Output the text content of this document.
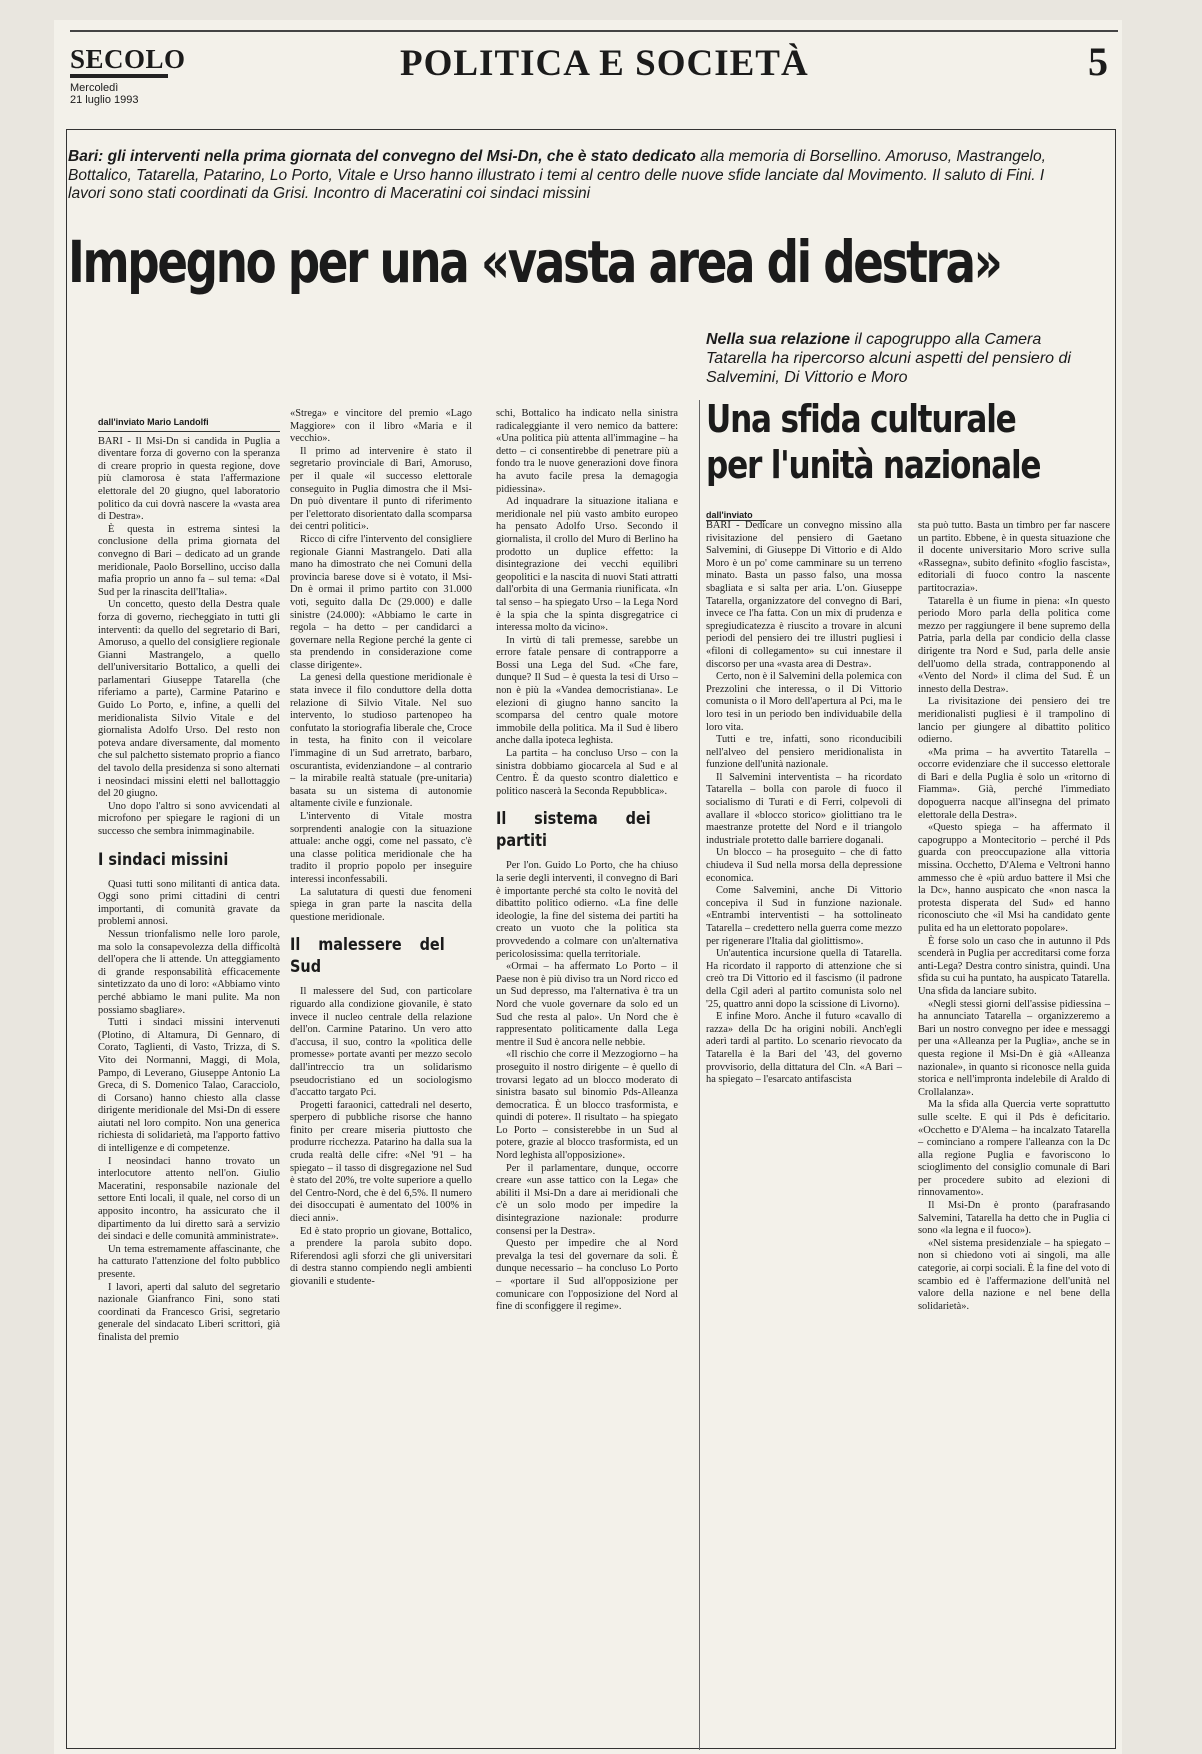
SECOLO
Mercoledì
21 luglio 1993
POLITICA E SOCIETÀ	5
Bari: gli interventi nella prima giornata del convegno del Msi-Dn, che è stato dedicato alla memoria di Borsellino. Amoruso, Mastrangelo, Bottalico, Tatarella, Patarino, Lo Porto, Vitale e Urso hanno illustrato i temi al centro delle nuove sfide lanciate dal Movimento. Il saluto di Fini. I lavori sono stati coordinati da Grisi. Incontro di Maceratini coi sindaci missini
Impegno per una «vasta area di destra»
Nella sua relazione il capogruppo alla Camera Tatarella ha ripercorso alcuni aspetti del pensiero di Salvemini, Di Vittorio e Moro
dall'inviato Mario Landolfi

BARI - Il Msi-Dn si candida in Puglia a diventare forza di governo con la speranza di creare proprio in questa regione, dove più clamorosa è stata l'affermazione elettorale del 20 giugno, quel laboratorio politico da cui dovrà nascere la «vasta area di Destra».

È questa in estrema sintesi la conclusione della prima giornata del convegno di Bari – dedicato ad un grande meridionale, Paolo Borsellino, ucciso dalla mafia proprio un anno fa – sul tema: «Dal Sud per la rinascita dell'Italia».

Un concetto, questo della Destra quale forza di governo, riecheggiato in tutti gli interventi: da quello del segretario di Bari, Amoruso, a quello del consigliere regionale Gianni Mastrangelo, a quello dell'universitario Bottalico, a quelli dei parlamentari Giuseppe Tatarella (che riferiamo a parte), Carmine Patarino e Guido Lo Porto, e, infine, a quelli del meridionalista Silvio Vitale e del giornalista Adolfo Urso. Del resto non poteva andare diversamente, dal momento che sul palchetto sistemato proprio a fianco del tavolo della presidenza si sono alternati i neosindaci missini eletti nel ballottaggio del 20 giugno.

Uno dopo l'altro si sono avvicendati al microfono per spiegare le ragioni di un successo che sembra inimmaginabile.

I sindaci missini

Quasi tutti sono militanti di antica data. Oggi sono primi cittadini di centri importanti, di comunità gravate da problemi annosi.

Nessun trionfalismo nelle loro parole, ma solo la consapevolezza della difficoltà dell'opera che li attende. Un atteggiamento di grande responsabilità efficacemente sintetizzato da uno di loro: «Abbiamo vinto perché abbiamo le mani pulite. Ma non possiamo sbagliare».

Tutti i sindaci missini intervenuti (Plotino, di Altamura, Di Gennaro, di Corato, Taglienti, di Vasto, Trizza, di S. Vito dei Normanni, Maggi, di Mola, Pampo, di Leverano, Giuseppe Antonio La Greca, di S. Domenico Talao, Caracciolo, di Corsano) hanno chiesto alla classe dirigente meridionale del Msi-Dn di essere aiutati nel loro compito. Non una generica richiesta di solidarietà, ma l'apporto fattivo di intelligenze e di competenze.

I neosindaci hanno trovato un interlocutore attento nell'on. Giulio Maceratini, responsabile nazionale del settore Enti locali, il quale, nel corso di un apposito incontro, ha assicurato che il dipartimento da lui diretto sarà a servizio dei sindaci e delle comunità amministrate».

Un tema estremamente affascinante, che ha catturato l'attenzione del folto pubblico presente.

I lavori, aperti dal saluto del segretario nazionale Gianfranco Fini, sono stati coordinati da Francesco Grisi, segretario generale del sindacato Liberi scrittori, già finalista del premio

«Strega» e vincitore del premio «Lago Maggiore» con il libro «Maria e il vecchio».

Il primo ad intervenire è stato il segretario provinciale di Bari, Amoruso, per il quale «il successo elettorale conseguito in Puglia dimostra che il Msi-Dn può diventare il punto di riferimento per l'elettorato disorientato dalla scomparsa dei centri politici».

Ricco di cifre l'intervento del consigliere regionale Gianni Mastrangelo. Dati alla mano ha dimostrato che nei Comuni della provincia barese dove si è votato, il Msi-Dn è ormai il primo partito con 31.000 voti, seguito dalla Dc (29.000) e dalle sinistre (24.000): «Abbiamo le carte in regola – ha detto – per candidarci a governare nella Regione perché la gente ci sta prendendo in considerazione come classe dirigente».

La genesi della questione meridionale è stata invece il filo conduttore della dotta relazione di Silvio Vitale. Nel suo intervento, lo studioso partenopeo ha confutato la storiografia liberale che, Croce in testa, ha finito con il veicolare l'immagine di un Sud arretrato, barbaro, oscurantista, evidenziandone – al contrario – la mirabile realtà statuale (pre-unitaria) basata su un sistema di autonomie altamente civile e funzionale.

L'intervento di Vitale mostra sorprendenti analogie con la situazione attuale: anche oggi, come nel passato, c'è una classe politica meridionale che ha tradito il proprio popolo per inseguire interessi inconfessabili.

La salutatura di questi due fenomeni spiega in gran parte la nascita della questione meridionale.

Il malessere del Sud

Il malessere del Sud, con particolare riguardo alla condizione giovanile, è stato invece il nucleo centrale della relazione dell'on. Carmine Patarino. Un vero atto d'accusa, il suo, contro la «politica delle promesse» portate avanti per mezzo secolo dall'intreccio tra un solidarismo pseudocristiano ed un sociologismo d'accatto targato Pci.

Progetti faraonici, cattedrali nel deserto, sperpero di pubbliche risorse che hanno finito per creare miseria piuttosto che produrre ricchezza. Patarino ha dalla sua la cruda realtà delle cifre: «Nel '91 – ha spiegato – il tasso di disgregazione nel Sud è stato del 20%, tre volte superiore a quello del Centro-Nord, che è del 6,5%. Il numero dei disoccupati è aumentato del 100% in dieci anni».

Ed è stato proprio un giovane, Bottalico, a prendere la parola subito dopo. Riferendosi agli sforzi che gli universitari di destra stanno compiendo negli ambienti giovanili e studente-

schi, Bottalico ha indicato nella sinistra radicaleggiante il vero nemico da battere: «Una politica più attenta all'immagine – ha detto – ci consentirebbe di penetrare più a fondo tra le nuove generazioni dove finora ha avuto facile presa la demagogia pidiessina».

Ad inquadrare la situazione italiana e meridionale nel più vasto ambito europeo ha pensato Adolfo Urso. Secondo il giornalista, il crollo del Muro di Berlino ha prodotto un duplice effetto: la disintegrazione dei vecchi equilibri geopolitici e la nascita di nuovi Stati attratti dall'orbita di una Germania riunificata. «In tal senso – ha spiegato Urso – la Lega Nord è la spia che la spinta disgregatrice ci interessa molto da vicino».

In virtù di tali premesse, sarebbe un errore fatale pensare di contrapporre a Bossi una Lega del Sud. «Che fare, dunque? Il Sud – è questa la tesi di Urso – non è più la «Vandea democristiana». Le elezioni di giugno hanno sancito la scomparsa del centro quale motore immobile della politica. Ma il Sud è libero anche dalla ipoteca leghista.

La partita – ha concluso Urso – con la sinistra dobbiamo giocarcela al Sud e al Centro. È da questo scontro dialettico e politico nascerà la Seconda Repubblica».

Il sistema dei partiti

Per l'on. Guido Lo Porto, che ha chiuso la serie degli interventi, il convegno di Bari è importante perché sta colto le novità del dibattito politico odierno. «La fine delle ideologie, la fine del sistema dei partiti ha creato un vuoto che la politica sta provvedendo a colmare con un'alternativa pericolosissima: quella territoriale.

«Ormai – ha affermato Lo Porto – il Paese non è più diviso tra un Nord ricco ed un Sud depresso, ma l'alternativa è tra un Nord che vuole governare da solo ed un Sud che resta al palo». Un Nord che è rappresentato politicamente dalla Lega mentre il Sud è ancora nelle nebbie.

«Il rischio che corre il Mezzogiorno – ha proseguito il nostro dirigente – è quello di trovarsi legato ad un blocco moderato di sinistra basato sul binomio Pds-Alleanza democratica. È un blocco trasformista, e quindi di potere». Il risultato – ha spiegato Lo Porto – consisterebbe in un Sud al potere, grazie al blocco trasformista, ed un Nord leghista all'opposizione».

Per il parlamentare, dunque, occorre creare «un asse tattico con la Lega» che abiliti il Msi-Dn a dare ai meridionali che c'è un solo modo per impedire la disintegrazione nazionale: produrre consensi per la Destra».

Questo per impedire che al Nord prevalga la tesi del governare da soli. È dunque necessario – ha concluso Lo Porto – «portare il Sud all'opposizione per comunicare con l'opposizione del Nord al fine di sconfiggere il regime».

Una sfida culturale per l'unità nazionale
dall'inviato

BARI - Dedicare un convegno missino alla rivisitazione del pensiero di Gaetano Salvemini, di Giuseppe Di Vittorio e di Aldo Moro è un po' come camminare su un terreno minato. Basta un passo falso, una mossa sbagliata e si salta per aria. L'on. Giuseppe Tatarella, organizzatore del convegno di Bari, invece ce l'ha fatta. Con un mix di prudenza e spregiudicatezza è riuscito a trovare in alcuni periodi del pensiero dei tre illustri pugliesi i «filoni di collegamento» su cui innestare il discorso per una «vasta area di Destra».

Certo, non è il Salvemini della polemica con Prezzolini che interessa, o il Di Vittorio comunista o il Moro dell'apertura al Pci, ma le loro tesi in un periodo ben individuabile della loro vita.

Tutti e tre, infatti, sono riconducibili nell'alveo del pensiero meridionalista in funzione dell'unità nazionale.

Il Salvemini interventista – ha ricordato Tatarella – bolla con parole di fuoco il socialismo di Turati e di Ferri, colpevoli di avallare il «blocco storico» giolittiano tra le maestranze protette del Nord e il triangolo industriale protetto dalle barriere doganali.

Un blocco – ha proseguito – che di fatto chiudeva il Sud nella morsa della depressione economica.

Come Salvemini, anche Di Vittorio concepiva il Sud in funzione nazionale. «Entrambi interventisti – ha sottolineato Tatarella – credettero nella guerra come mezzo per rigenerare l'Italia dal giolittismo».

Un'autentica incursione quella di Tatarella. Ha ricordato il rapporto di attenzione che si creò tra Di Vittorio ed il fascismo (il padrone della Cgil aderì al partito comunista solo nel '25, quattro anni dopo la scissione di Livorno).

E infine Moro. Anche il futuro «cavallo di razza» della Dc ha origini nobili. Anch'egli aderì tardi al partito. Lo scenario rievocato da Tatarella è la Bari del '43, del governo provvisorio, della dittatura del Cln. «A Bari – ha spiegato – l'esarcato antifascista

sta può tutto. Basta un timbro per far nascere un partito. Ebbene, è in questa situazione che il docente universitario Moro scrive sulla «Rassegna», subito definito «foglio fascista», editoriali di fuoco contro la nascente partitocrazia».

Tatarella è un fiume in piena: «In questo periodo Moro parla della politica come mezzo per raggiungere il bene supremo della Patria, parla della par condicio della classe dirigente tra Nord e Sud, parla delle ansie dell'uomo della strada, contrapponendo al «Vento del Nord» il clima del Sud. È un innesto della Destra».

La rivisitazione dei pensiero dei tre meridionalisti pugliesi è il trampolino di lancio per giungere al dibattito politico odierno.

«Ma prima – ha avvertito Tatarella – occorre evidenziare che il successo elettorale di Bari e della Puglia è solo un «ritorno di Fiamma». Già, perché l'immediato dopoguerra nacque all'insegna del primato elettorale della Destra».

«Questo spiega – ha affermato il capogruppo a Montecitorio – perché il Pds guarda con preoccupazione alla vittoria missina. Occhetto, D'Alema e Veltroni hanno ammesso che è «più arduo battere il Msi che la Dc», hanno auspicato che «non nasca la protesta disperata del Sud» ed hanno riconosciuto che «il Msi ha candidato gente pulita ed ha un elettorato popolare».

È forse solo un caso che in autunno il Pds scenderà in Puglia per accreditarsi come forza anti-Lega? Destra contro sinistra, quindi. Una sfida su cui ha puntato, ha auspicato Tatarella. Una sfida da lanciare subito.

«Negli stessi giorni dell'assise pidiessina – ha annunciato Tatarella – organizzeremo a Bari un nostro convegno per idee e messaggi per una «Alleanza per la Puglia», anche se in questa regione il Msi-Dn è già «Alleanza nazionale», in quanto si riconosce nella guida storica e nell'impronta indelebile di Araldo di Crollalanza».

Ma la sfida alla Quercia verte soprattutto sulle scelte. E qui il Pds è deficitario. «Occhetto e D'Alema – ha incalzato Tatarella – cominciano a rompere l'alleanza con la Dc alla regione Puglia e favoriscono lo scioglimento del consiglio comunale di Bari per procedere subito ad elezioni di rinnovamento».

Il Msi-Dn è pronto (parafrasando Salvemini, Tatarella ha detto che in Puglia ci sono «la legna e il fuoco»).

«Nel sistema presidenziale – ha spiegato – non si chiedono voti ai singoli, ma alle categorie, ai corpi sociali. È la fine del voto di scambio ed è l'affermazione dell'unità nel valore della nazione e nel bene della solidarietà».
